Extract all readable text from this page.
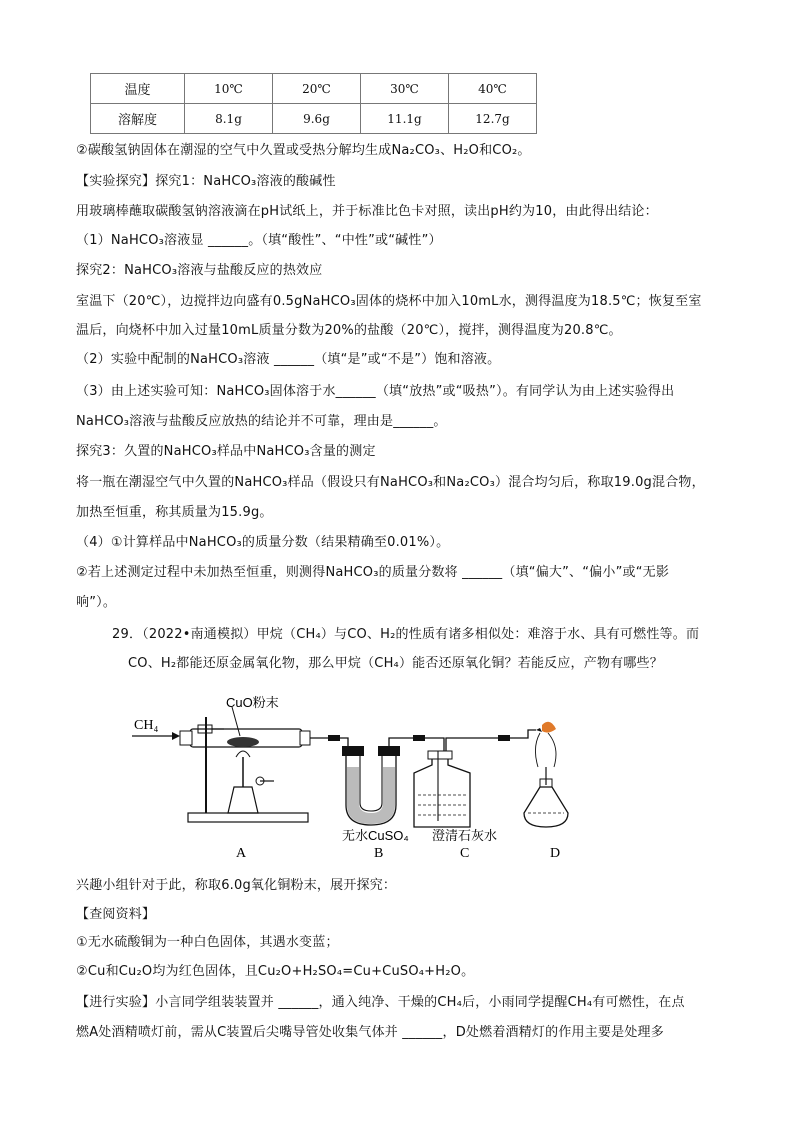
温度	10℃	20℃	30℃	40℃
溶解度	8.1g	9.6g	11.1g	12.7g
②碳酸氢钠固体在潮湿的空气中久置或受热分解均生成Na₂CO₃、H₂O和CO₂。
【实验探究】探究1：NaHCO₃溶液的酸碱性
用玻璃棒蘸取碳酸氢钠溶液滴在pH试纸上，并于标准比色卡对照，读出pH约为10，由此得出结论：
（1）NaHCO₃溶液显 ______。（填“酸性”、“中性”或“碱性”）
探究2：NaHCO₃溶液与盐酸反应的热效应
室温下（20℃），边搅拌边向盛有0.5gNaHCO₃固体的烧杯中加入10mL水，测得温度为18.5℃；恢复至室
温后，向烧杯中加入过量10mL质量分数为20%的盐酸（20℃），搅拌，测得温度为20.8℃。
（2）实验中配制的NaHCO₃溶液 ______（填“是”或“不是”）饱和溶液。
（3）由上述实验可知：NaHCO₃固体溶于水______（填“放热”或“吸热”）。有同学认为由上述实验得出
NaHCO₃溶液与盐酸反应放热的结论并不可靠，理由是______。
探究3：久置的NaHCO₃样品中NaHCO₃含量的测定
将一瓶在潮湿空气中久置的NaHCO₃样品（假设只有NaHCO₃和Na₂CO₃）混合均匀后，称取19.0g混合物，
加热至恒重，称其质量为15.9g。
（4）①计算样品中NaHCO₃的质量分数（结果精确至0.01%）。
②若上述测定过程中未加热至恒重，则测得NaHCO₃的质量分数将 ______（填“偏大”、“偏小”或“无影
响”）。
29．（2022•南通模拟）甲烷（CH₄）与CO、H₂的性质有诸多相似处：难溶于水、具有可燃性等。而
CO、H₂都能还原金属氧化物，那么甲烷（CH₄）能否还原氧化铜？若能反应，产物有哪些？
CH₄
CuO粉末
A
无水CuSO₄
B
澄清石灰水
C	D
兴趣小组针对于此，称取6.0g氧化铜粉末，展开探究：
【查阅资料】
①无水硫酸铜为一种白色固体，其遇水变蓝；
②Cu和Cu₂O均为红色固体，且Cu₂O+H₂SO₄=Cu+CuSO₄+H₂O。
【进行实验】小言同学组装装置并 ______，通入纯净、干燥的CH₄后，小雨同学提醒CH₄有可燃性，在点
燃A处酒精喷灯前，需从C装置后尖嘴导管处收集气体并 ______，D处燃着酒精灯的作用主要是处理多
